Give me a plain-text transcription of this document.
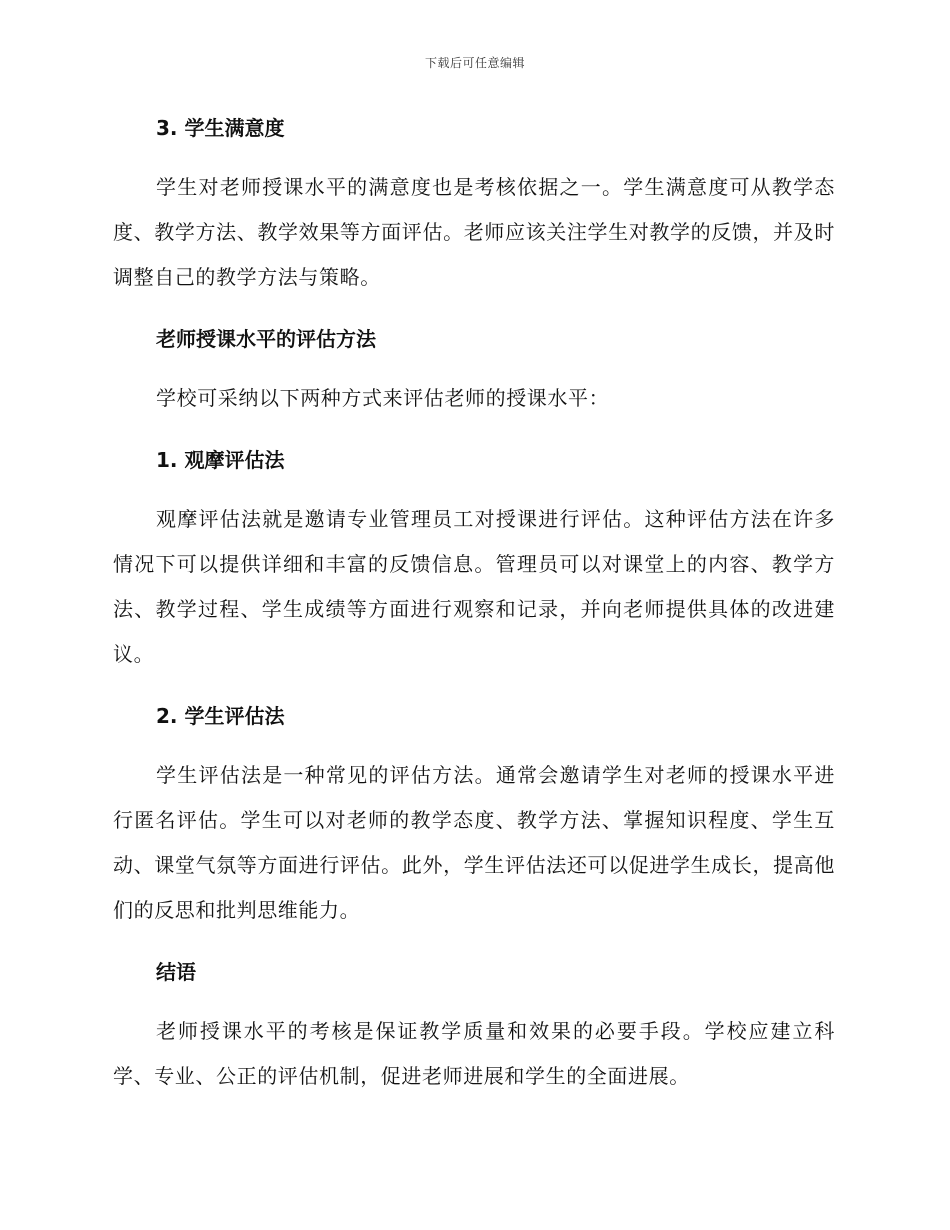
下载后可任意编辑
3. 学生满意度

学生对老师授课水平的满意度也是考核依据之一。学生满意度可从教学态度、教学方法、教学效果等方面评估。老师应该关注学生对教学的反馈，并及时调整自己的教学方法与策略。

老师授课水平的评估方法

学校可采纳以下两种方式来评估老师的授课水平：

1. 观摩评估法

观摩评估法就是邀请专业管理员工对授课进行评估。这种评估方法在许多情况下可以提供详细和丰富的反馈信息。管理员可以对课堂上的内容、教学方法、教学过程、学生成绩等方面进行观察和记录，并向老师提供具体的改进建议。

2. 学生评估法

学生评估法是一种常见的评估方法。通常会邀请学生对老师的授课水平进行匿名评估。学生可以对老师的教学态度、教学方法、掌握知识程度、学生互动、课堂气氛等方面进行评估。此外，学生评估法还可以促进学生成长，提高他们的反思和批判思维能力。

结语

老师授课水平的考核是保证教学质量和效果的必要手段。学校应建立科学、专业、公正的评估机制，促进老师进展和学生的全面进展。
